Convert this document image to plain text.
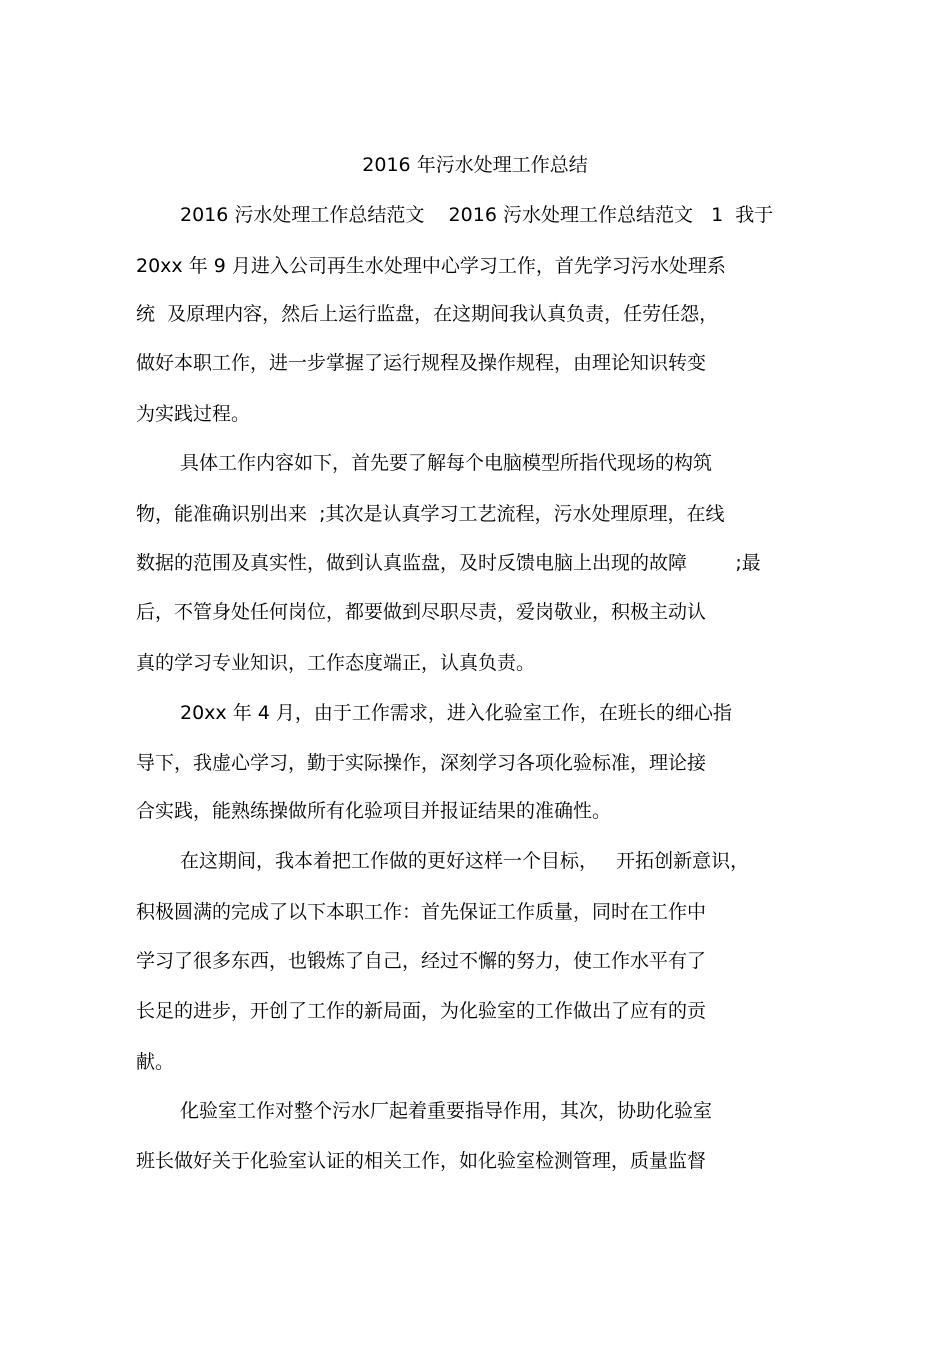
2016 年污水处理工作总结
2016 污水处理工作总结范文    2016 污水处理工作总结范文   1  我于
20xx 年 9 月进入公司再生水处理中心学习工作，首先学习污水处理系
统  及原理内容，然后上运行监盘，在这期间我认真负责，任劳任怨，
做好本职工作，进一步掌握了运行规程及操作规程，由理论知识转变
为实践过程。
具体工作内容如下，首先要了解每个电脑模型所指代现场的构筑
物，能准确识别出来  ;其次是认真学习工艺流程，污水处理原理，在线
数据的范围及真实性，做到认真监盘，及时反馈电脑上出现的故障        ;最
后，不管身处任何岗位，都要做到尽职尽责，爱岗敬业，积极主动认
真的学习专业知识，工作态度端正，认真负责。
20xx 年 4 月，由于工作需求，进入化验室工作，在班长的细心指
导下，我虚心学习，勤于实际操作，深刻学习各项化验标准，理论接
合实践，能熟练操做所有化验项目并报证结果的准确性。
在这期间，我本着把工作做的更好这样一个目标，   开拓创新意识，
积极圆满的完成了以下本职工作：首先保证工作质量，同时在工作中
学习了很多东西，也锻炼了自己，经过不懈的努力，使工作水平有了
长足的进步，开创了工作的新局面，为化验室的工作做出了应有的贡
献。
化验室工作对整个污水厂起着重要指导作用，其次，协助化验室
班长做好关于化验室认证的相关工作，如化验室检测管理，质量监督
